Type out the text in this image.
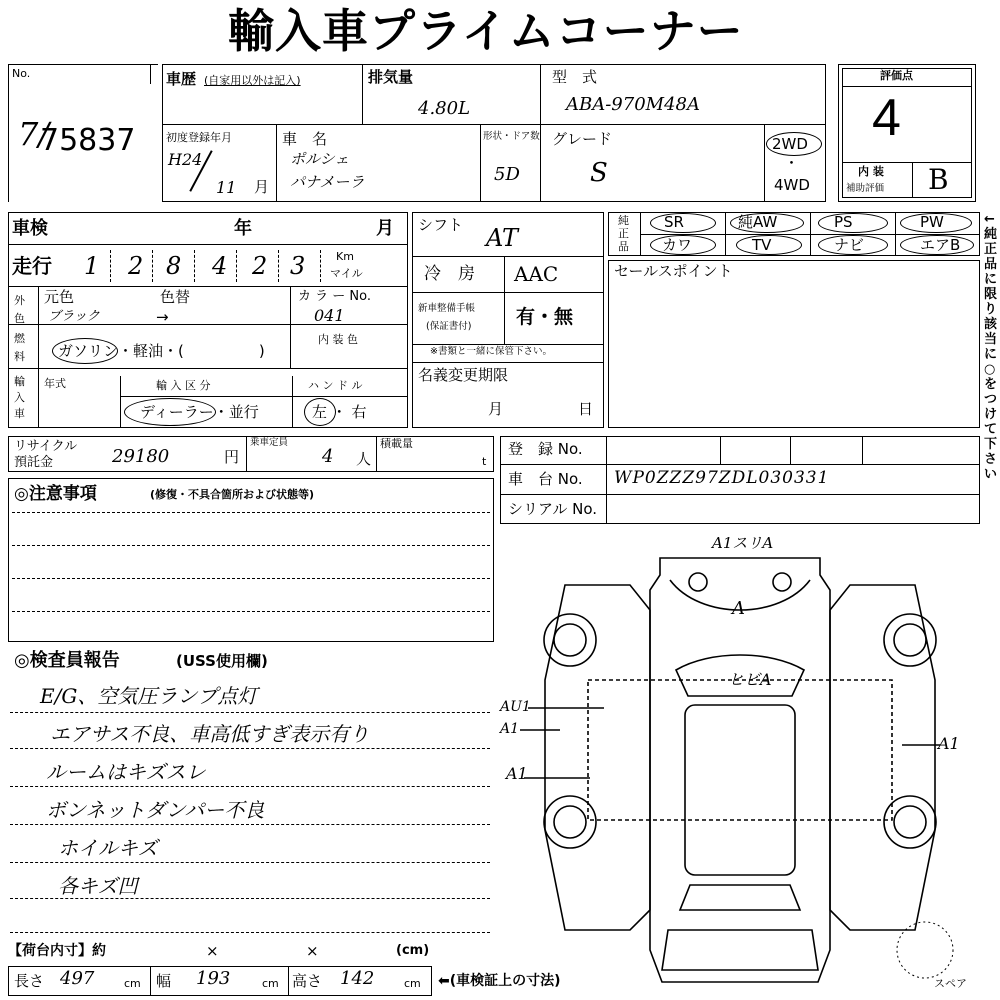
輸入車プライムコーナー
No.
7/
75837
車歴 (自家用以外は記入)	排気量
4.80L
型　式
ABA-970M48A
初度登録年月
H24
11 月
車　名
ポルシェ
パナメーラ
形状・ドア数
5D
グレード
S
2WD
・
4WD
評価点
4
内 装
補助評価 B
車検	年	月
走行 1 2 8 4 2 3	Km
マイル
外色
元色	色替
ブラック	→
カ ラ ー No.
041
燃料	ガソリン・軽油・(　　　　　)
内 装 色
輸入車
年式	輸 入 区 分
ディーラー・並行
ハ ン ド ル
左 ・ 右
シフト AT
冷　房 AAC
新車整備手帳
(保証書付) 有・無
※書類と一緒に保管下さい。
名義変更期限
月	日
純正品
SR	純AW	PS	PW
カワ	TV	ナビ	エアB
←純正品に限り該当に○をつけて下さい
セールスポイント
リサイクル
預託金	29180	円
乗車定員
4 人
積載量
t
登　録 No.
車　台 No. WP0ZZZ97ZDL030331
シリアル No.
◎注意事項	(修復・不具合箇所および状態等)
◎検査員報告	(USS使用欄)
E/G、空気圧ランプ点灯
エアサス不良、車高低すぎ表示有り
ルームはキズスレ
ボンネットダンパー不良
ホイルキズ
各キズ凹
【荷台内寸】約	×	×	(cm)
長さ 497	cm 幅 193	cm 高さ 142	cm ⬅(車検証上の寸法)
A1スリA
A
ヒビA
AU1
A1
A1
A1
スペア
